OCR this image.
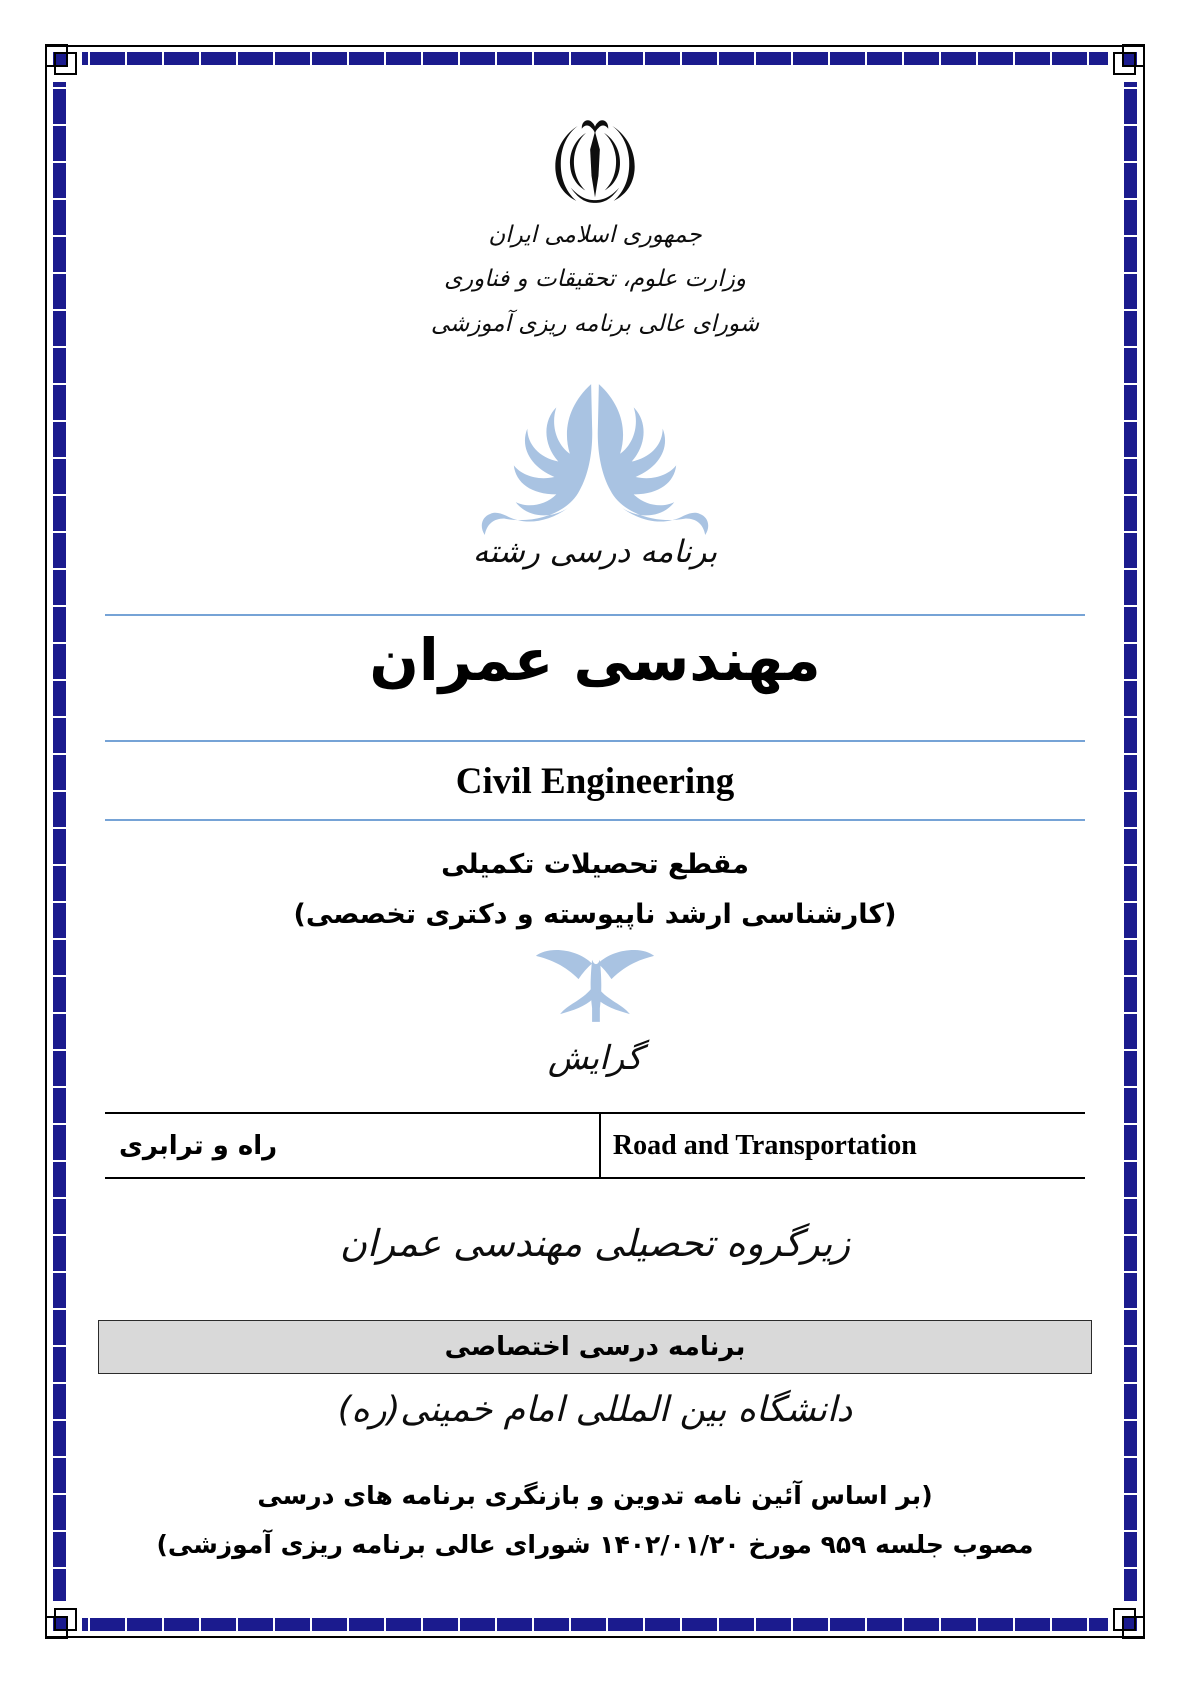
جمهوری اسلامی ایران
وزارت علوم، تحقیقات و فناوری
شورای عالی برنامه ریزی آموزشی
برنامه درسی رشته
مهندسی عمران
Civil Engineering
مقطع تحصیلات تکمیلی
(کارشناسی ارشد ناپیوسته و دکتری تخصصی)
گرایش
راه و ترابری	Road and Transportation
زیرگروه تحصیلی مهندسی عمران
برنامه درسی اختصاصی
دانشگاه بین المللی امام خمینی(ره)
(بر اساس آئین نامه تدوین و بازنگری برنامه های درسی
مصوب جلسه ۹۵۹ مورخ ۱۴۰۲/۰۱/۲۰ شورای عالی برنامه ریزی آموزشی)
